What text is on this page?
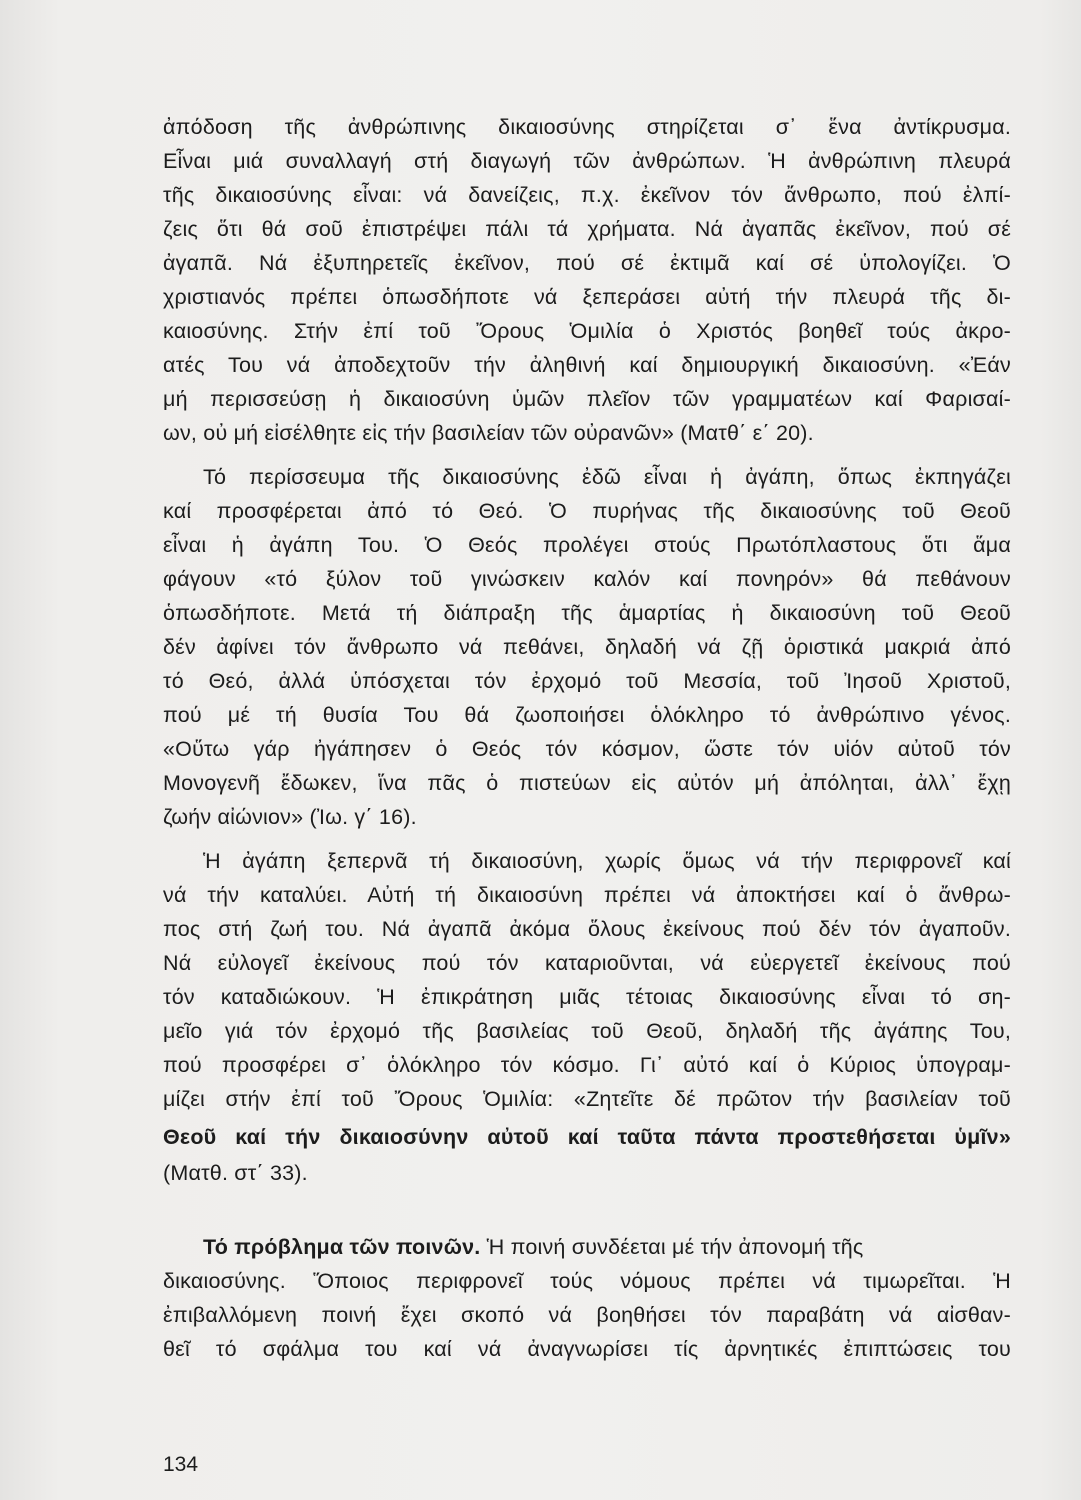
ἀπόδοση τῆς ἀνθρώπινης δικαιοσύνης στηρίζεται σ᾽ ἕνα ἀντίκρυσμα.
Εἶναι μιά συναλλαγή στή διαγωγή τῶν ἀνθρώπων. Ἡ ἀνθρώπινη πλευρά
τῆς δικαιοσύνης εἶναι: νά δανείζεις, π.χ. ἐκεῖνον τόν ἄνθρωπο, πού ἐλπί-
ζεις ὅτι θά σοῦ ἐπιστρέψει πάλι τά χρήματα. Νά ἀγαπᾶς ἐκεῖνον, πού σέ
ἀγαπᾶ. Νά ἐξυπηρετεῖς ἐκεῖνον, πού σέ ἐκτιμᾶ καί σέ ὑπολογίζει. Ὁ
χριστιανός πρέπει ὁπωσδήποτε νά ξεπεράσει αὐτή τήν πλευρά τῆς δι-
καιοσύνης. Στήν ἐπί τοῦ Ὄρους Ὁμιλία ὁ Χριστός βοηθεῖ τούς ἀκρο-
ατές Του νά ἀποδεχτοῦν τήν ἀληθινή καί δημιουργική δικαιοσύνη. «Ἐάν
μή περισσεύσῃ ἡ δικαιοσύνη ὑμῶν πλεῖον τῶν γραμματέων καί Φαρισαί-
ων, οὐ μή εἰσέλθητε εἰς τήν βασιλείαν τῶν οὐρανῶν» (Ματθ΄ ε΄ 20).
Τό περίσσευμα τῆς δικαιοσύνης ἐδῶ εἶναι ἡ ἀγάπη, ὅπως ἐκπηγάζει
καί προσφέρεται ἀπό τό Θεό. Ὁ πυρήνας τῆς δικαιοσύνης τοῦ Θεοῦ
εἶναι ἡ ἀγάπη Του. Ὁ Θεός προλέγει στούς Πρωτόπλαστους ὅτι ἅμα
φάγουν «τό ξύλον τοῦ γινώσκειν καλόν καί πονηρόν» θά πεθάνουν
ὁπωσδήποτε. Μετά τή διάπραξη τῆς ἁμαρτίας ἡ δικαιοσύνη τοῦ Θεοῦ
δέν ἀφίνει τόν ἄνθρωπο νά πεθάνει, δηλαδή νά ζῇ ὁριστικά μακριά ἀπό
τό Θεό, ἀλλά ὑπόσχεται τόν ἐρχομό τοῦ Μεσσία, τοῦ Ἰησοῦ Χριστοῦ,
πού μέ τή θυσία Του θά ζωοποιήσει ὁλόκληρο τό ἀνθρώπινο γένος.
«Οὕτω γάρ ἠγάπησεν ὁ Θεός τόν κόσμον, ὥστε τόν υἱόν αὐτοῦ τόν
Μονογενῆ ἔδωκεν, ἵνα πᾶς ὁ πιστεύων εἰς αὐτόν μή ἀπόληται, ἀλλ᾽ ἔχῃ
ζωήν αἰώνιον» (Ἰω. γ΄ 16).
Ἡ ἀγάπη ξεπερνᾶ τή δικαιοσύνη, χωρίς ὅμως νά τήν περιφρονεῖ καί
νά τήν καταλύει. Αὐτή τή δικαιοσύνη πρέπει νά ἀποκτήσει καί ὁ ἄνθρω-
πος στή ζωή του. Νά ἀγαπᾶ ἀκόμα ὅλους ἐκείνους πού δέν τόν ἀγαποῦν.
Νά εὐλογεῖ ἐκείνους πού τόν καταριοῦνται, νά εὐεργετεῖ ἐκείνους πού
τόν καταδιώκουν. Ἡ ἐπικράτηση μιᾶς τέτοιας δικαιοσύνης εἶναι τό ση-
μεῖο γιά τόν ἐρχομό τῆς βασιλείας τοῦ Θεοῦ, δηλαδή τῆς ἀγάπης Του,
πού προσφέρει σ᾽ ὁλόκληρο τόν κόσμο. Γι᾽ αὐτό καί ὁ Κύριος ὑπογραμ-
μίζει στήν ἐπί τοῦ Ὄρους Ὁμιλία: «Ζητεῖτε δέ πρῶτον τήν βασιλείαν τοῦ
Θεοῦ καί τήν δικαιοσύνην αὐτοῦ καί ταῦτα πάντα προστεθήσεται ὑμῖν»
(Ματθ. στ΄ 33).
Τό πρόβλημα τῶν ποινῶν. Ἡ ποινή συνδέεται μέ τήν ἀπονομή τῆς
δικαιοσύνης. Ὅποιος περιφρονεῖ τούς νόμους πρέπει νά τιμωρεῖται. Ἡ
ἐπιβαλλόμενη ποινή ἔχει σκοπό νά βοηθήσει τόν παραβάτη νά αἰσθαν-
θεῖ τό σφάλμα του καί νά ἀναγνωρίσει τίς ἀρνητικές ἐπιπτώσεις του
134
